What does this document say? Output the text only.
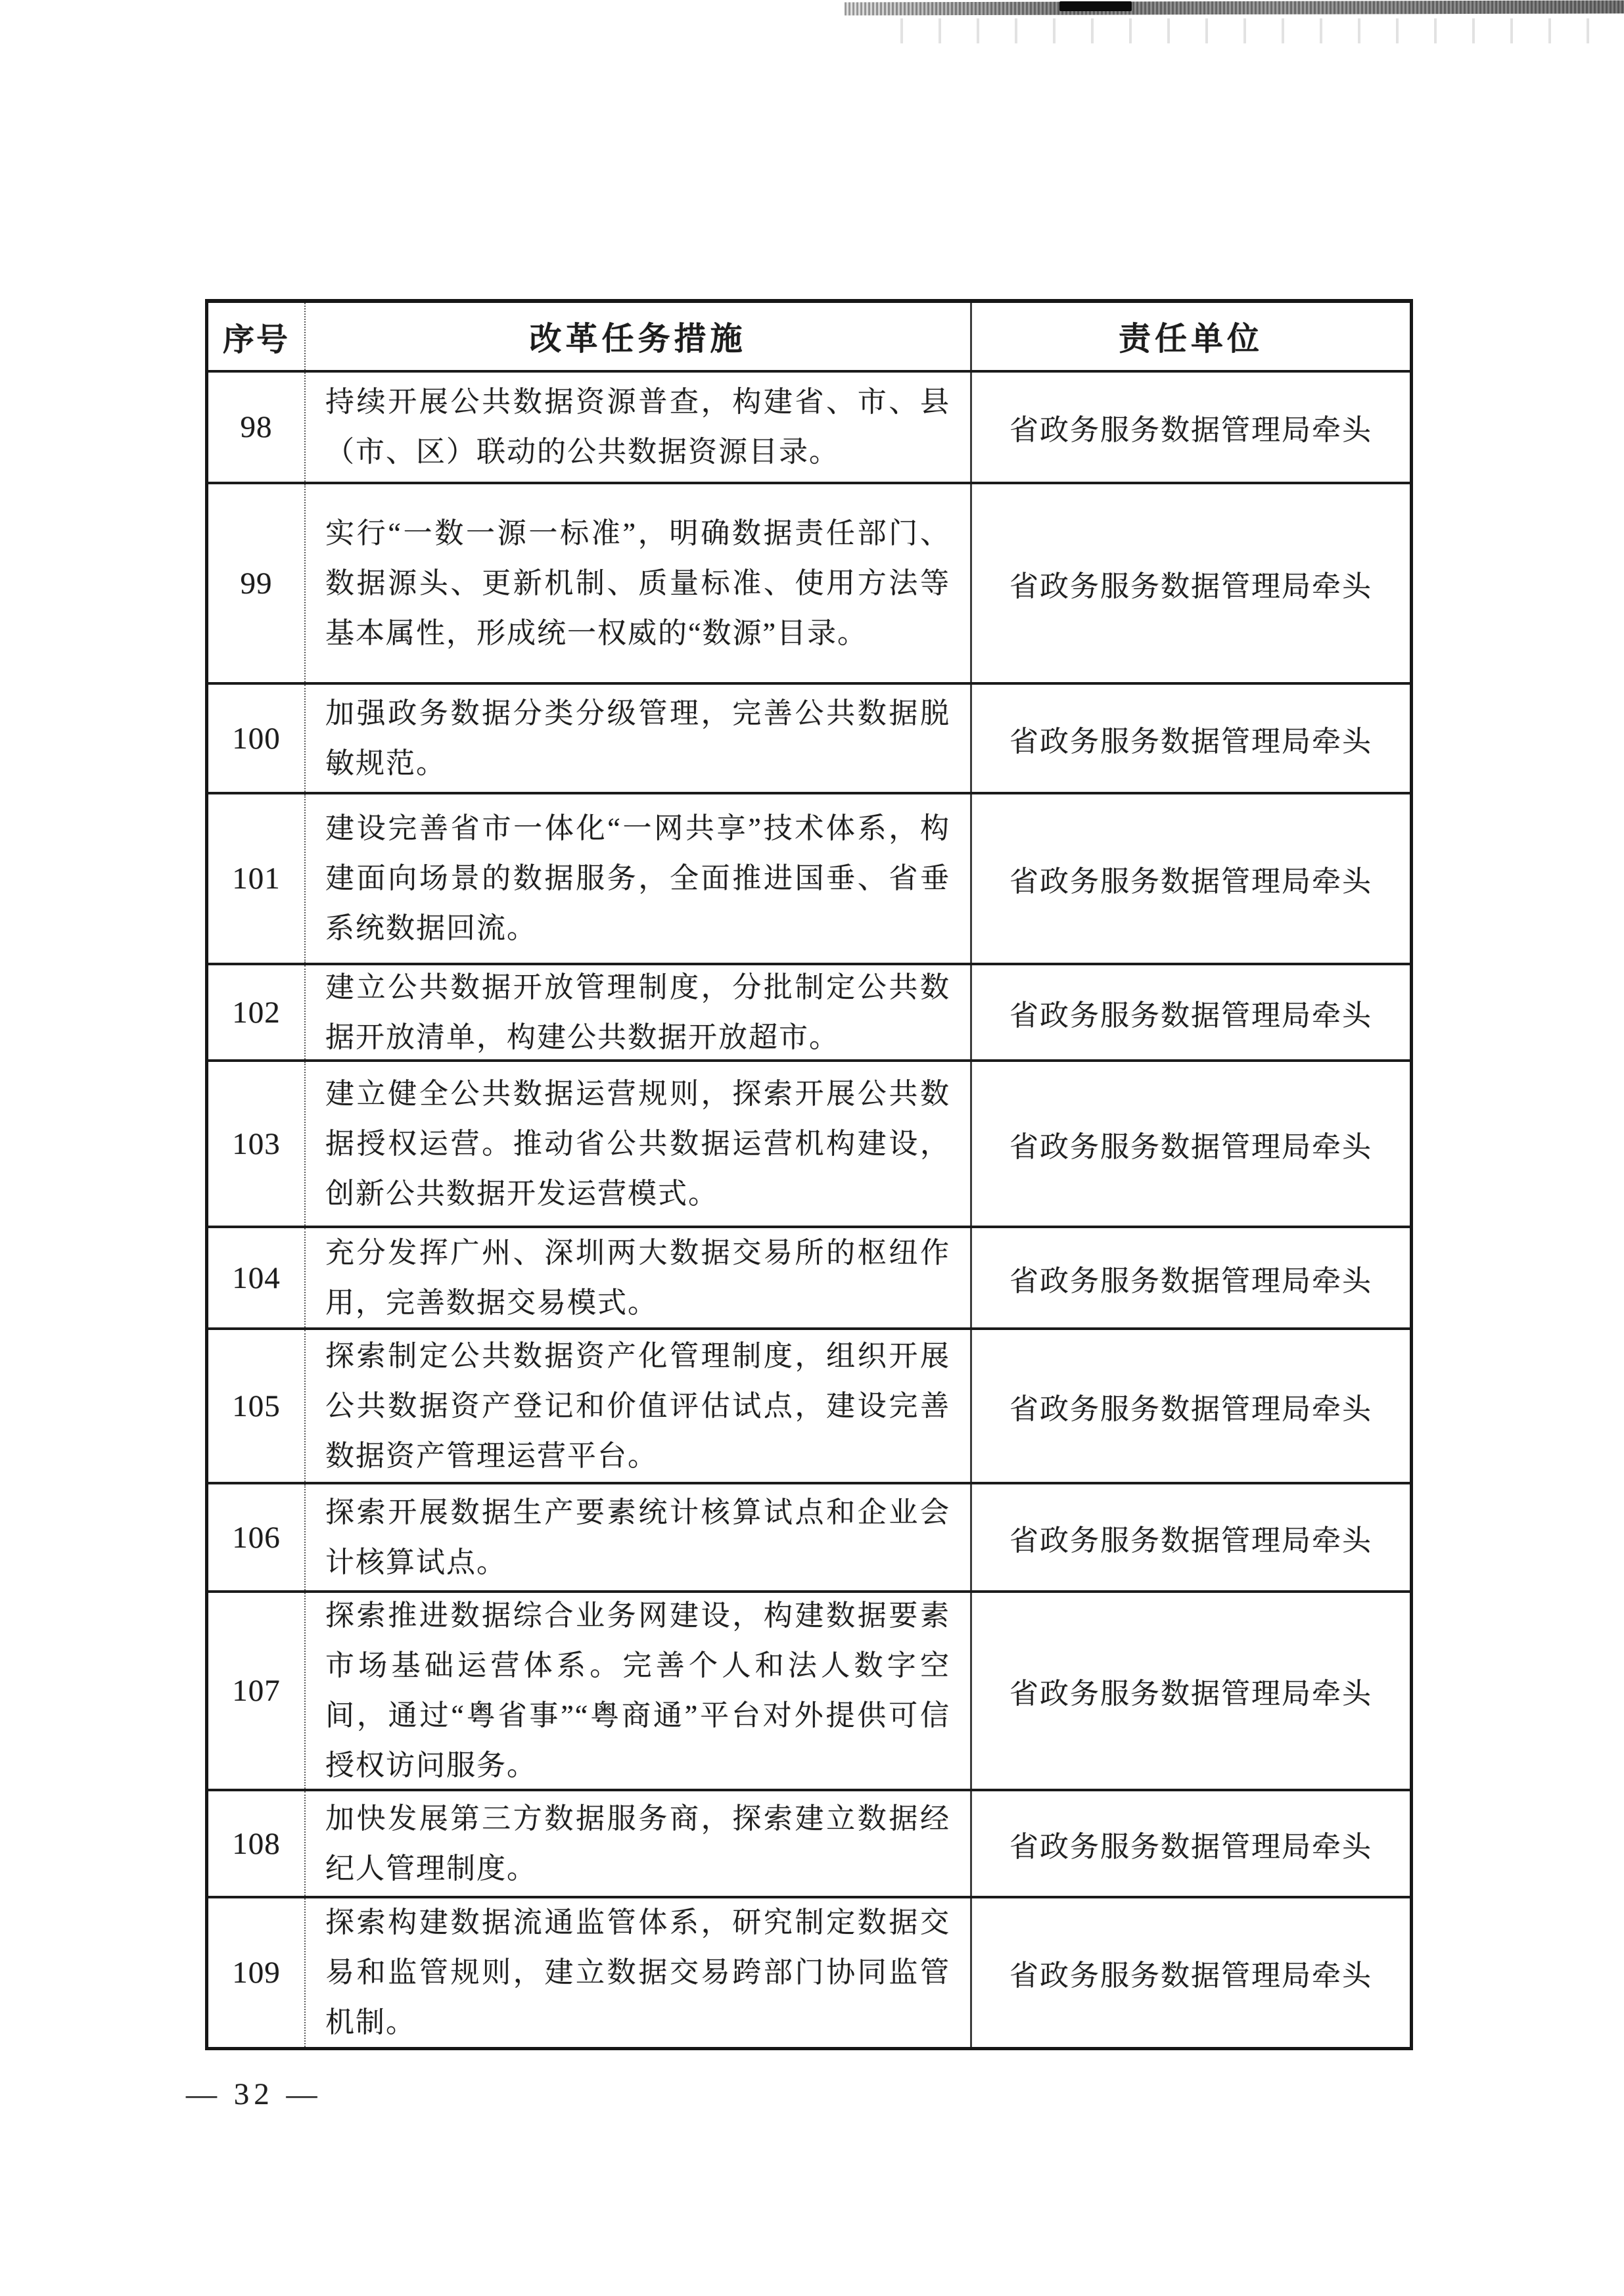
序号	改革任务措施	责任单位
98
持续开展公共数据资源普查，构建省、市、县（市、区）联动的公共数据资源目录。
省政务服务数据管理局牵头
99
实行“一数一源一标准”，明确数据责任部门、数据源头、更新机制、质量标准、使用方法等基本属性，形成统一权威的“数源”目录。
省政务服务数据管理局牵头
100
加强政务数据分类分级管理，完善公共数据脱敏规范。
省政务服务数据管理局牵头
101
建设完善省市一体化“一网共享”技术体系，构建面向场景的数据服务，全面推进国垂、省垂系统数据回流。
省政务服务数据管理局牵头
102
建立公共数据开放管理制度，分批制定公共数据开放清单，构建公共数据开放超市。
省政务服务数据管理局牵头
103
建立健全公共数据运营规则，探索开展公共数据授权运营。推动省公共数据运营机构建设，创新公共数据开发运营模式。
省政务服务数据管理局牵头
104
充分发挥广州、深圳两大数据交易所的枢纽作用，完善数据交易模式。
省政务服务数据管理局牵头
105
探索制定公共数据资产化管理制度，组织开展公共数据资产登记和价值评估试点，建设完善数据资产管理运营平台。
省政务服务数据管理局牵头
106
探索开展数据生产要素统计核算试点和企业会计核算试点。
省政务服务数据管理局牵头
107
探索推进数据综合业务网建设，构建数据要素市场基础运营体系。完善个人和法人数字空间，通过“粤省事”“粤商通”平台对外提供可信授权访问服务。
省政务服务数据管理局牵头
108
加快发展第三方数据服务商，探索建立数据经纪人管理制度。
省政务服务数据管理局牵头
109
探索构建数据流通监管体系，研究制定数据交易和监管规则，建立数据交易跨部门协同监管机制。
省政务服务数据管理局牵头
— 32 —
